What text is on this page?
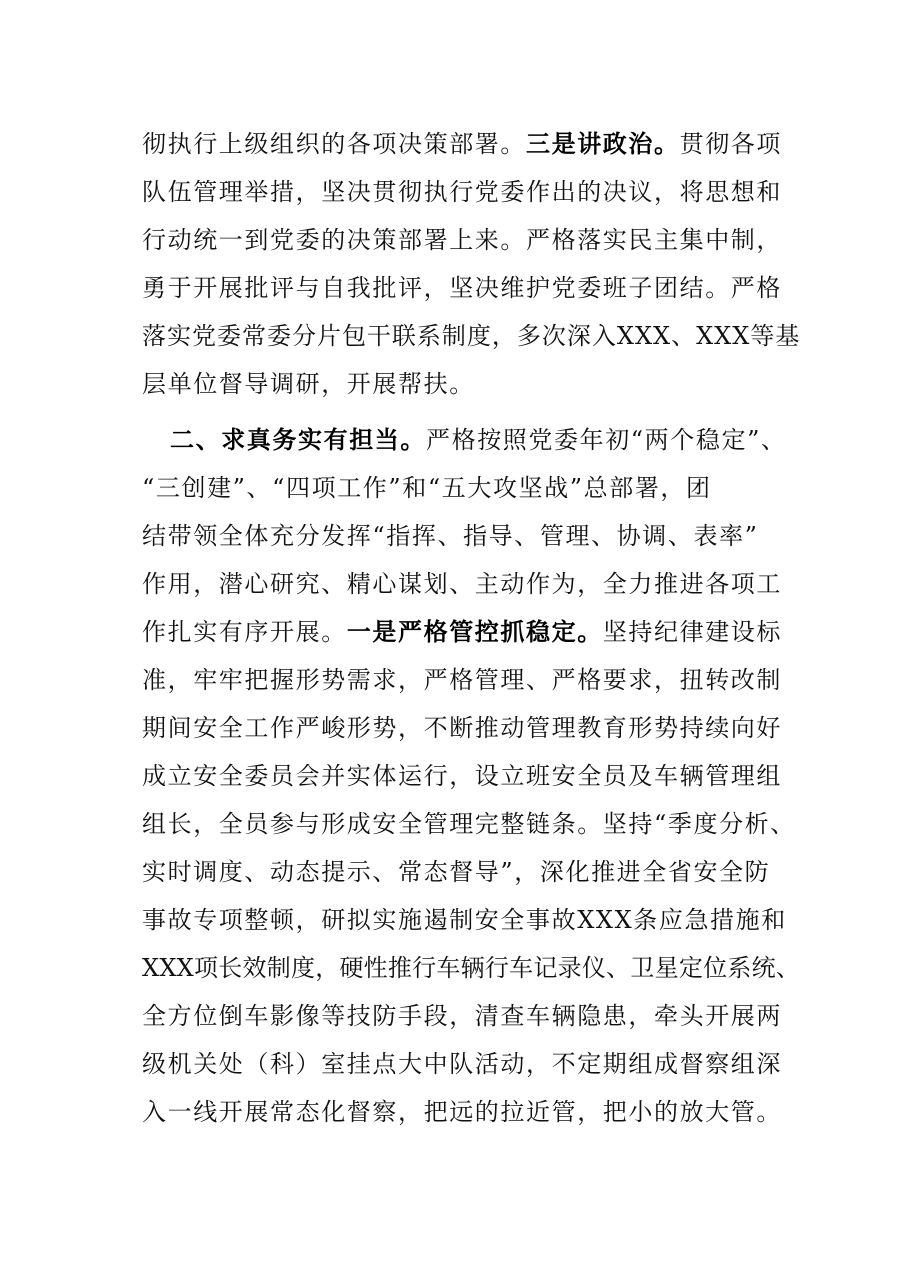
彻执行上级组织的各项决策部署。三是讲政治。贯彻各项
队伍管理举措，坚决贯彻执行党委作出的决议，将思想和
行动统一到党委的决策部署上来。严格落实民主集中制，
勇于开展批评与自我批评，坚决维护党委班子团结。严格
落实党委常委分片包干联系制度，多次深入XXX、XXX等基
层单位督导调研，开展帮扶。
二、求真务实有担当。严格按照党委年初“两个稳定”、
“三创建”、“四项工作”和“五大攻坚战”总部署，团
结带领全体充分发挥“指挥、指导、管理、协调、表率”
作用，潜心研究、精心谋划、主动作为，全力推进各项工
作扎实有序开展。一是严格管控抓稳定。坚持纪律建设标
准，牢牢把握形势需求，严格管理、严格要求，扭转改制
期间安全工作严峻形势，不断推动管理教育形势持续向好
成立安全委员会并实体运行，设立班安全员及车辆管理组
组长，全员参与形成安全管理完整链条。坚持“季度分析、
实时调度、动态提示、常态督导”，深化推进全省安全防
事故专项整顿，研拟实施遏制安全事故XXX条应急措施和
XXX项长效制度，硬性推行车辆行车记录仪、卫星定位系统、
全方位倒车影像等技防手段，清查车辆隐患，牵头开展两
级机关处（科）室挂点大中队活动，不定期组成督察组深
入一线开展常态化督察，把远的拉近管，把小的放大管。
